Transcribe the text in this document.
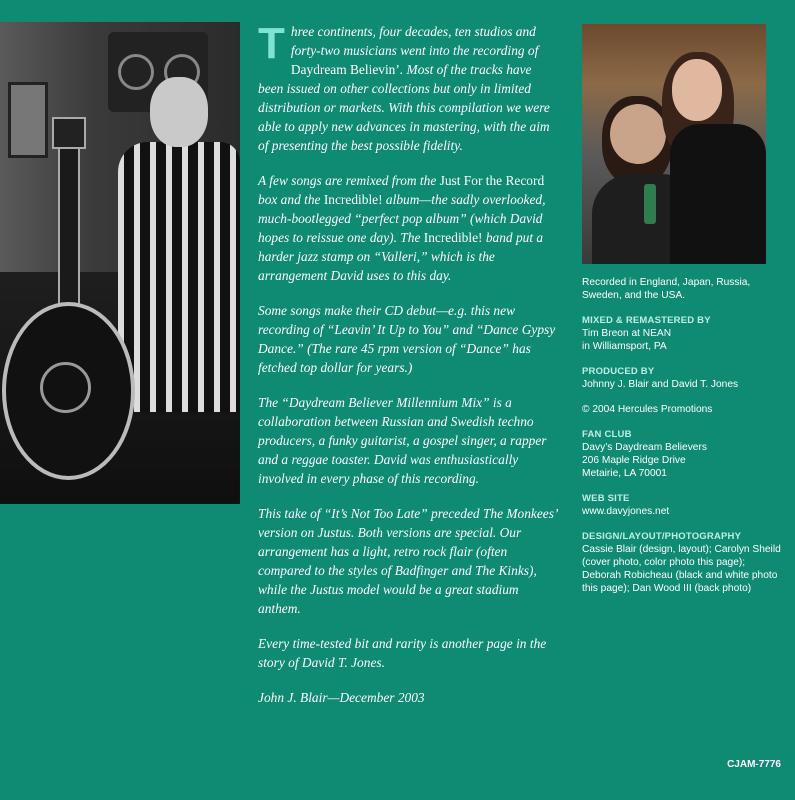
Three continents, four decades, ten studios and forty-two musicians went into the recording of Daydream Believin’. Most of the tracks have been issued on other collections but only in limited distribution or markets. With this compilation we were able to apply new advances in mastering, with the aim of presenting the best possible fidelity.

A few songs are remixed from the Just For the Record box and the Incredible! album—the sadly overlooked, much-bootlegged “perfect pop album” (which David hopes to reissue one day). The Incredible! band put a harder jazz stamp on “Valleri,” which is the arrangement David uses to this day.

Some songs make their CD debut—e.g. this new recording of “Leavin’ It Up to You” and “Dance Gypsy Dance.” (The rare 45 rpm version of “Dance” has fetched top dollar for years.)

The “Daydream Believer Millennium Mix” is a collaboration between Russian and Swedish techno producers, a funky guitarist, a gospel singer, a rapper and a reggae toaster. David was enthusiastically involved in every phase of this recording.

This take of “It’s Not Too Late” preceded The Monkees’ version on Justus. Both versions are special. Our arrangement has a light, retro rock flair (often compared to the styles of Badfinger and The Kinks), while the Justus model would be a great stadium anthem.

Every time-tested bit and rarity is another page in the story of David T. Jones.

John J. Blair—December 2003

Recorded in England, Japan, Russia, Sweden, and the USA.
MIXED & REMASTERED BY
Tim Breon at NEAN
in Williamsport, PA
PRODUCED BY
Johnny J. Blair and David T. Jones
© 2004 Hercules Promotions
FAN CLUB
Davy’s Daydream Believers
206 Maple Ridge Drive
Metairie, LA 70001
WEB SITE
www.davyjones.net
DESIGN/LAYOUT/PHOTOGRAPHY
Cassie Blair (design, layout); Carolyn Sheild (cover photo, color photo this page); Deborah Robicheau (black and white photo this page); Dan Wood III (back photo)
CJAM-7776
